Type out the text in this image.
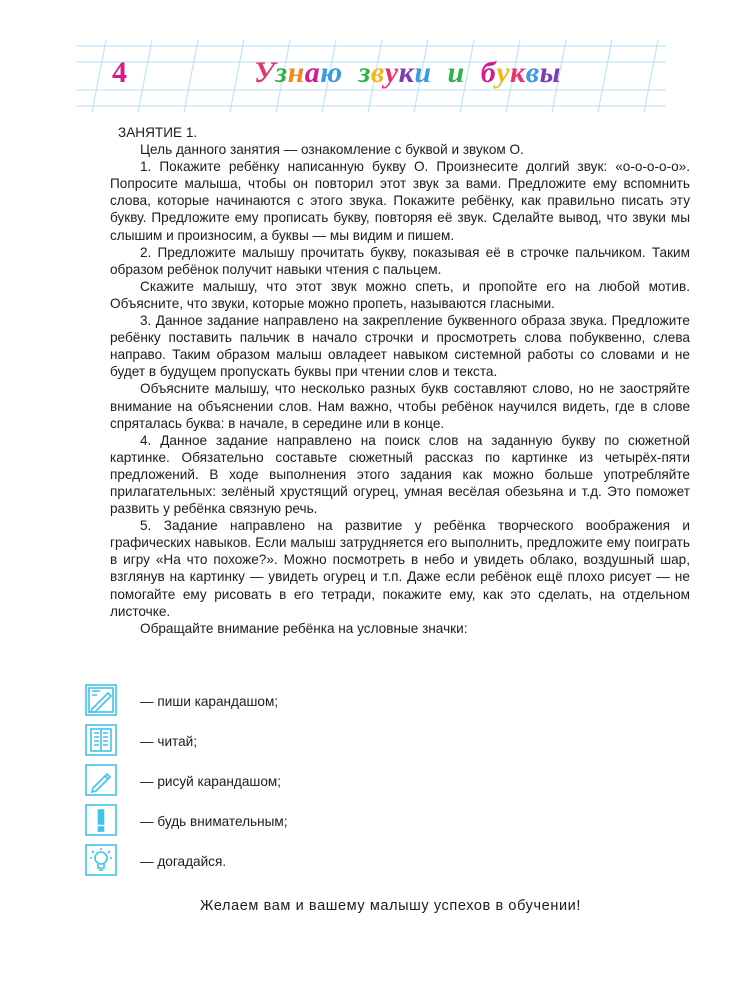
4	Узнаю звуки и буквы

ЗАНЯТИЕ 1.

Цель данного занятия — ознакомление с буквой и звуком О.

1. Покажите ребёнку написанную букву О. Произнесите долгий звук: «о-о-о-о-о». Попросите малыша, чтобы он повторил этот звук за вами. Предложите ему вспомнить слова, которые начинаются с этого звука. Покажите ребёнку, как правильно писать эту букву. Предложите ему прописать букву, повторяя её звук. Сделайте вывод, что звуки мы слышим и произносим, а буквы — мы видим и пишем.

2. Предложите малышу прочитать букву, показывая её в строчке пальчиком. Таким образом ребёнок получит навыки чтения с пальцем.

Скажите малышу, что этот звук можно спеть, и пропойте его на любой мотив. Объясните, что звуки, которые можно пропеть, называются гласными.

3. Данное задание направлено на закрепление буквенного образа звука. Предложите ребёнку поставить пальчик в начало строчки и просмотреть слова побуквенно, слева направо. Таким образом малыш овладеет навыком системной работы со словами и не будет в будущем пропускать буквы при чтении слов и текста.

Объясните малышу, что несколько разных букв составляют слово, но не заостряйте внимание на объяснении слов. Нам важно, чтобы ребёнок научился видеть, где в слове спряталась буква: в начале, в середине или в конце.

4. Данное задание направлено на поиск слов на заданную букву по сюжетной картинке. Обязательно составьте сюжетный рассказ по картинке из четырёх-пяти предложений. В ходе выполнения этого задания как можно больше употребляйте прилагательных: зелёный хрустящий огурец, умная весёлая обезьяна и т.д. Это поможет развить у ребёнка связную речь.

5. Задание направлено на развитие у ребёнка творческого воображения и графических навыков. Если малыш затрудняется его выполнить, предложите ему поиграть в игру «На что похоже?». Можно посмотреть в небо и увидеть облако, воздушный шар, взглянув на картинку — увидеть огурец и т.п. Даже если ребёнок ещё плохо рисует — не помогайте ему рисовать в его тетради, покажите ему, как это сделать, на отдельном листочке.

Обращайте внимание ребёнка на условные значки:

— пиши карандашом;
— читай;
— рисуй карандашом;
— будь внимательным;
— догадайся.
Желаем вам и вашему малышу успехов в обучении!
